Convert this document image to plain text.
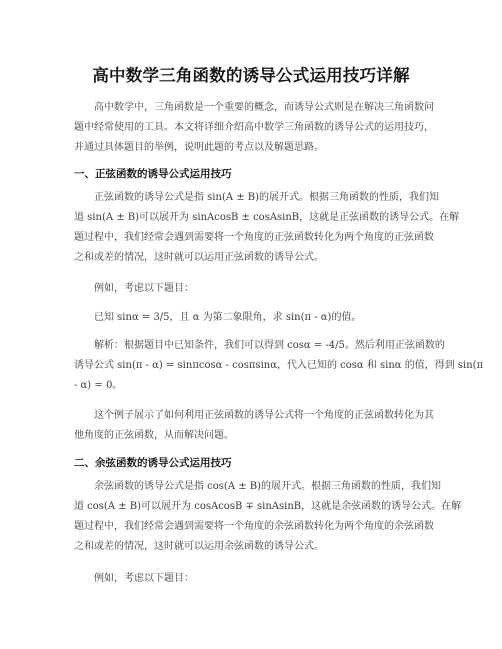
高中数学三角函数的诱导公式运用技巧详解
高中数学中，三角函数是一个重要的概念，而诱导公式则是在解决三角函数问
题中经常使用的工具。本文将详细介绍高中数学三角函数的诱导公式的运用技巧，
并通过具体题目的举例，说明此题的考点以及解题思路。
一、正弦函数的诱导公式运用技巧
正弦函数的诱导公式是指 sin(A ± B)的展开式。根据三角函数的性质，我们知
道 sin(A ± B)可以展开为 sinAcosB ± cosAsinB，这就是正弦函数的诱导公式。在解
题过程中，我们经常会遇到需要将一个角度的正弦函数转化为两个角度的正弦函数
之和或差的情况，这时就可以运用正弦函数的诱导公式。
例如，考虑以下题目：
已知 sinα = 3/5，且 α 为第二象限角，求 sin(π - α)的值。
解析：根据题目中已知条件，我们可以得到 cosα = -4/5。然后利用正弦函数的
诱导公式 sin(π - α) = sinπcosα - cosπsinα，代入已知的 cosα 和 sinα 的值，得到 sin(π
- α) = 0。
这个例子展示了如何利用正弦函数的诱导公式将一个角度的正弦函数转化为其
他角度的正弦函数，从而解决问题。
二、余弦函数的诱导公式运用技巧
余弦函数的诱导公式是指 cos(A ± B)的展开式。根据三角函数的性质，我们知
道 cos(A ± B)可以展开为 cosAcosB ∓ sinAsinB，这就是余弦函数的诱导公式。在解
题过程中，我们经常会遇到需要将一个角度的余弦函数转化为两个角度的余弦函数
之和或差的情况，这时就可以运用余弦函数的诱导公式。
例如，考虑以下题目：
